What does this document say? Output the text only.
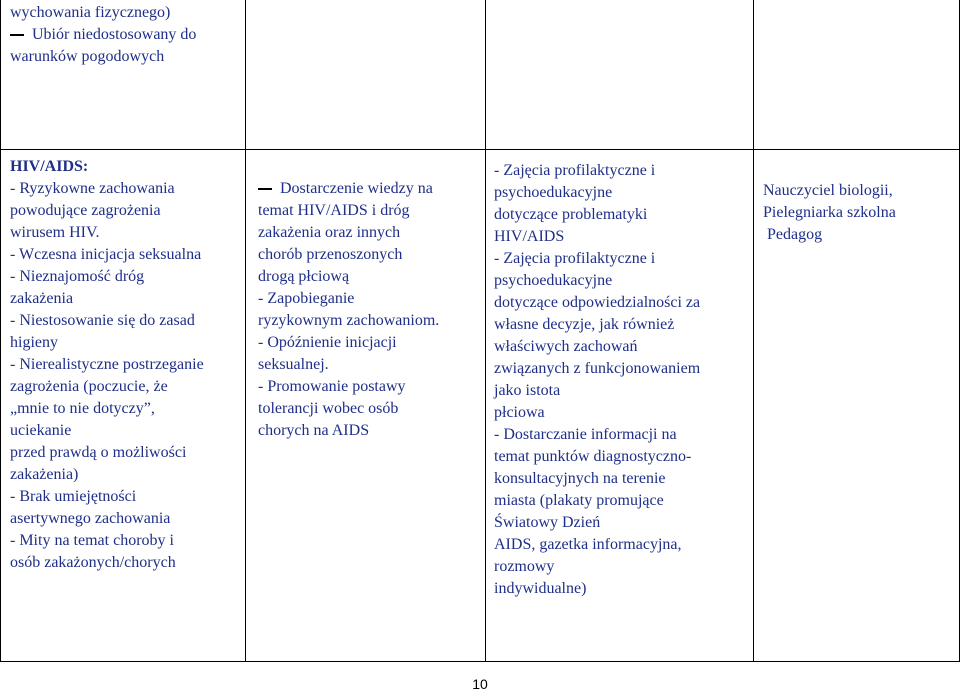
wychowania fizycznego)
Ubiór niedostosowany do
warunków pogodowych
HIV/AIDS:
- Ryzykowne zachowania
powodujące zagrożenia
wirusem HIV.
- Wczesna inicjacja seksualna
- Nieznajomość dróg
zakażenia
- Niestosowanie się do zasad
higieny
- Nierealistyczne postrzeganie
zagrożenia (poczucie, że
„mnie to nie dotyczy”,
uciekanie
przed prawdą o możliwości
zakażenia)
- Brak umiejętności
asertywnego zachowania
- Mity na temat choroby i
osób zakażonych/chorych
Dostarczenie wiedzy na
temat HIV/AIDS i dróg
zakażenia oraz innych
chorób przenoszonych
drogą płciową
- Zapobieganie
ryzykownym zachowaniom.
- Opóźnienie inicjacji
seksualnej.
- Promowanie postawy
tolerancji wobec osób
chorych na AIDS
- Zajęcia profilaktyczne i
psychoedukacyjne
dotyczące problematyki
HIV/AIDS
- Zajęcia profilaktyczne i
psychoedukacyjne
dotyczące odpowiedzialności za
własne decyzje, jak również
właściwych zachowań
związanych z funkcjonowaniem
jako istota
płciowa
- Dostarczanie informacji na
temat punktów diagnostyczno-
konsultacyjnych na terenie
miasta (plakaty promujące
Światowy Dzień
AIDS, gazetka informacyjna,
rozmowy
indywidualne)
Nauczyciel biologii,
Pielegniarka szkolna
Pedagog
10
